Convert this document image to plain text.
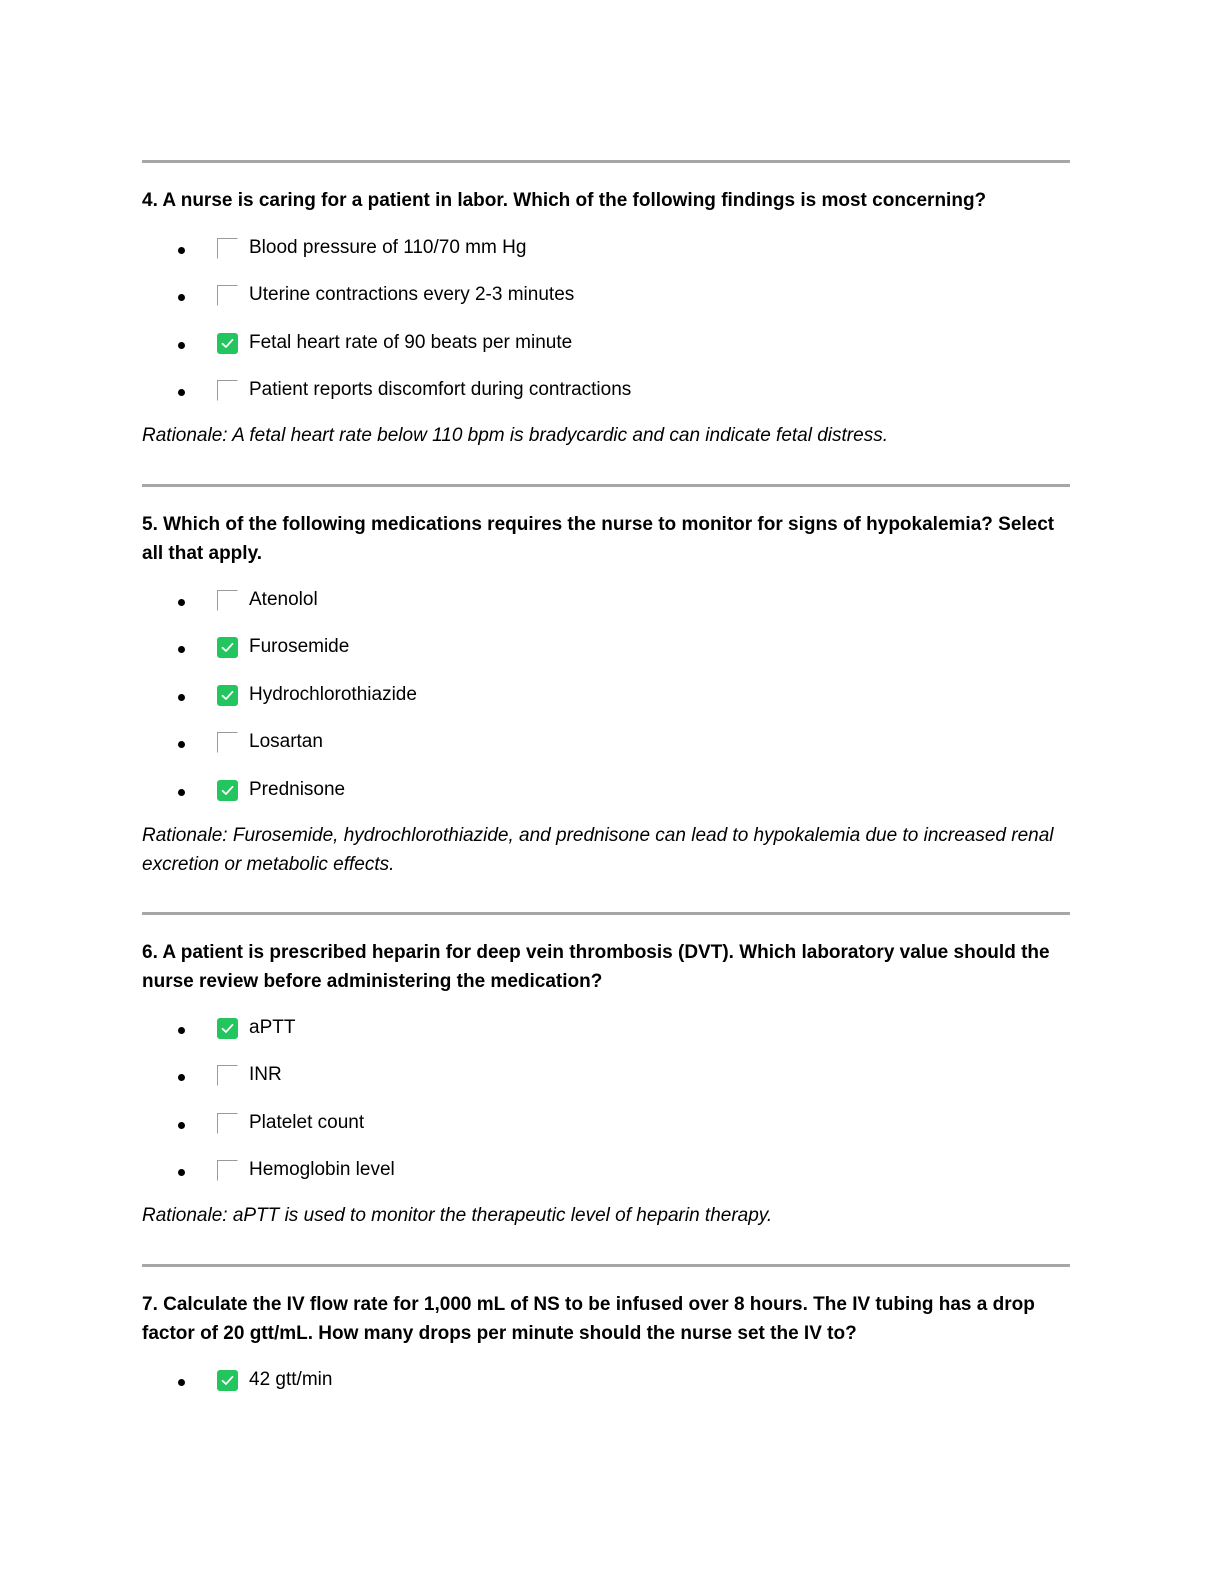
4. A nurse is caring for a patient in labor. Which of the following findings is most concerning?

Blood pressure of 110/70 mm Hg
Uterine contractions every 2-3 minutes
Fetal heart rate of 90 beats per minute
Patient reports discomfort during contractions

Rationale: A fetal heart rate below 110 bpm is bradycardic and can indicate fetal distress.

5. Which of the following medications requires the nurse to monitor for signs of hypokalemia? Select all that apply.

Atenolol
Furosemide
Hydrochlorothiazide
Losartan
Prednisone

Rationale: Furosemide, hydrochlorothiazide, and prednisone can lead to hypokalemia due to increased renal excretion or metabolic effects.

6. A patient is prescribed heparin for deep vein thrombosis (DVT). Which laboratory value should the nurse review before administering the medication?

aPTT
INR
Platelet count
Hemoglobin level

Rationale: aPTT is used to monitor the therapeutic level of heparin therapy.

7. Calculate the IV flow rate for 1,000 mL of NS to be infused over 8 hours. The IV tubing has a drop factor of 20 gtt/mL. How many drops per minute should the nurse set the IV to?

42 gtt/min
